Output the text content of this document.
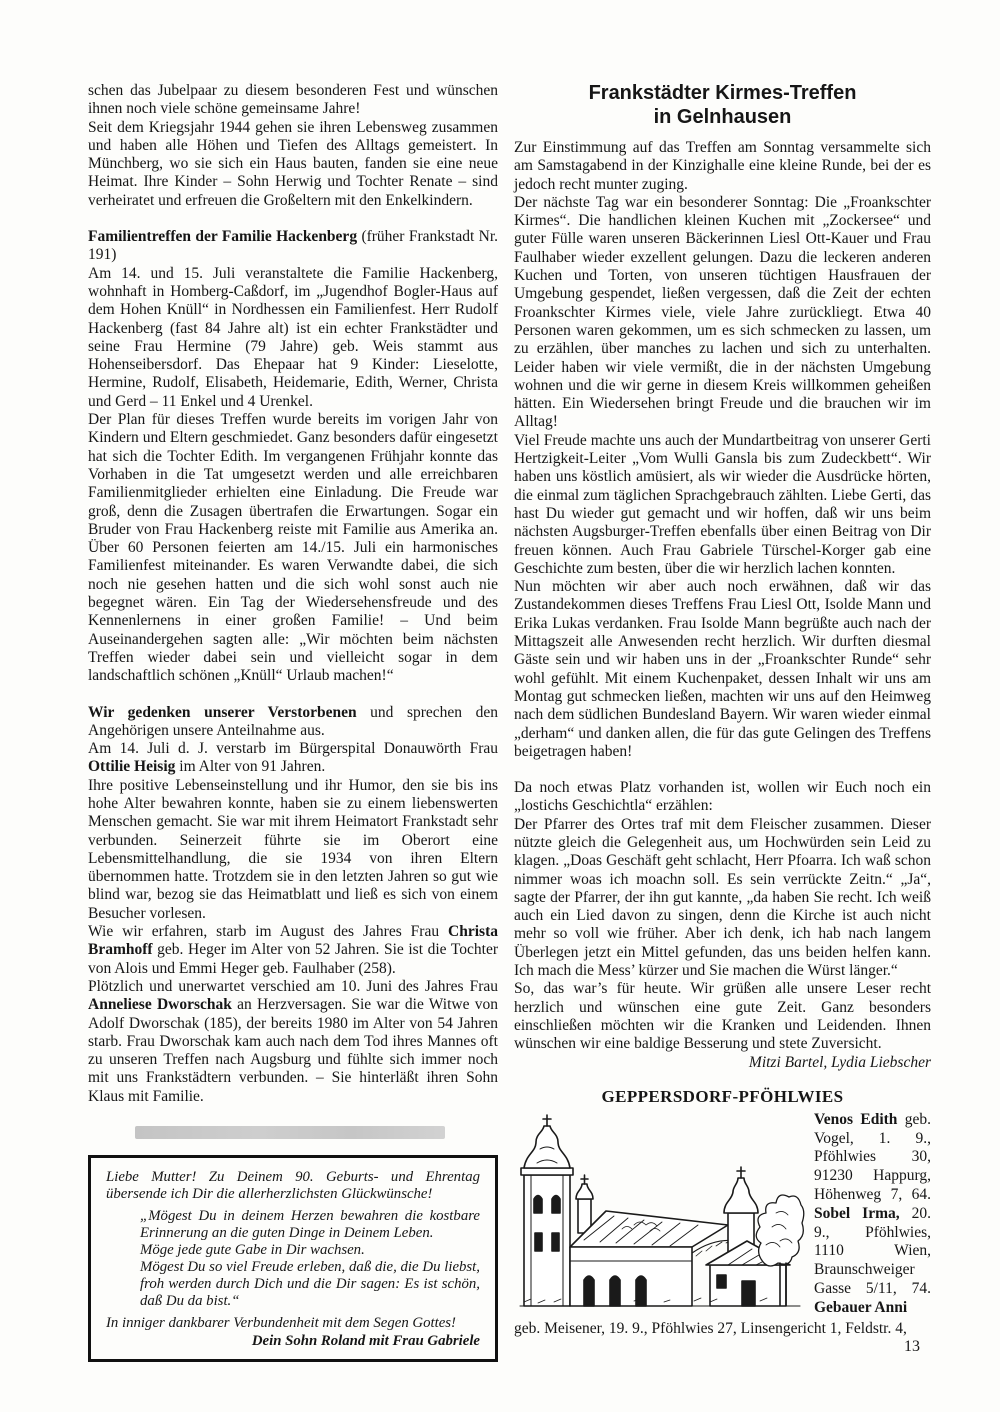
schen das Jubelpaar zu diesem besonderen Fest und wünschen ihnen noch viele schöne gemeinsame Jahre!

Seit dem Kriegsjahr 1944 gehen sie ihren Lebensweg zusammen und haben alle Höhen und Tiefen des Alltags gemeistert. In Münchberg, wo sie sich ein Haus bauten, fanden sie eine neue Heimat. Ihre Kinder – Sohn Herwig und Tochter Renate – sind verheiratet und erfreuen die Großeltern mit den Enkelkindern.

Familientreffen der Familie Hackenberg (früher Frankstadt Nr. 191)

Am 14. und 15. Juli veranstaltete die Familie Hackenberg, wohnhaft in Homberg-Caßdorf, im „Jugendhof Bogler-Haus auf dem Hohen Knüll“ in Nordhessen ein Familienfest. Herr Rudolf Hackenberg (fast 84 Jahre alt) ist ein echter Frankstädter und seine Frau Hermine (79 Jahre) geb. Weis stammt aus Hohenseibersdorf. Das Ehepaar hat 9 Kinder: Lieselotte, Hermine, Rudolf, Elisabeth, Heidemarie, Edith, Werner, Christa und Gerd – 11 Enkel und 4 Urenkel.

Der Plan für dieses Treffen wurde bereits im vorigen Jahr von Kindern und Eltern geschmiedet. Ganz besonders dafür eingesetzt hat sich die Tochter Edith. Im vergangenen Frühjahr konnte das Vorhaben in die Tat umgesetzt werden und alle erreichbaren Familienmitglieder erhielten eine Einladung. Die Freude war groß, denn die Zusagen übertrafen die Erwartungen. Sogar ein Bruder von Frau Hackenberg reiste mit Familie aus Amerika an. Über 60 Personen feierten am 14./15. Juli ein harmonisches Familienfest miteinander. Es waren Verwandte dabei, die sich noch nie gesehen hatten und die sich wohl sonst auch nie begegnet wären. Ein Tag der Wiedersehensfreude und des Kennenlernens in einer großen Familie! – Und beim Auseinandergehen sagten alle: „Wir möchten beim nächsten Treffen wieder dabei sein und vielleicht sogar in dem landschaftlich schönen „Knüll“ Urlaub machen!“

Wir gedenken unserer Verstorbenen und sprechen den Angehörigen unsere Anteilnahme aus.

Am 14. Juli d. J. verstarb im Bürgerspital Donauwörth Frau Ottilie Heisig im Alter von 91 Jahren.

Ihre positive Lebenseinstellung und ihr Humor, den sie bis ins hohe Alter bewahren konnte, haben sie zu einem liebenswerten Menschen gemacht. Sie war mit ihrem Heimatort Frankstadt sehr verbunden. Seinerzeit führte sie im Oberort eine Lebensmittelhandlung, die sie 1934 von ihren Eltern übernommen hatte. Trotzdem sie in den letzten Jahren so gut wie blind war, bezog sie das Heimatblatt und ließ es sich von einem Besucher vorlesen.

Wie wir erfahren, starb im August des Jahres Frau Christa Bramhoff geb. Heger im Alter von 52 Jahren. Sie ist die Tochter von Alois und Emmi Heger geb. Faulhaber (258).

Plötzlich und unerwartet verschied am 10. Juni des Jahres Frau Anneliese Dworschak an Herzversagen. Sie war die Witwe von Adolf Dworschak (185), der bereits 1980 im Alter von 54 Jahren starb. Frau Dworschak kam auch nach dem Tod ihres Mannes oft zu unseren Treffen nach Augsburg und fühlte sich immer noch mit uns Frankstädtern verbunden. – Sie hinterläßt ihren Sohn Klaus mit Familie.

Liebe Mutter! Zu Deinem 90. Geburts- und Ehrentag übersende ich Dir die allerherzlichsten Glückwünsche!

„Mögest Du in deinem Herzen bewahren die kostbare Erinnerung an die guten Dinge in Deinem Leben.

Möge jede gute Gabe in Dir wachsen.

Mögest Du so viel Freude erleben, daß die, die Du liebst, froh werden durch Dich und die Dir sagen: Es ist schön, daß Du da bist.“

In inniger dankbarer Verbundenheit mit dem Segen Gottes!

Dein Sohn Roland mit Frau Gabriele

Frankstädter Kirmes-Treffen
in Gelnhausen

Zur Einstimmung auf das Treffen am Sonntag versammelte sich am Samstagabend in der Kinzighalle eine kleine Runde, bei der es jedoch recht munter zuging.

Der nächste Tag war ein besonderer Sonntag: Die „Froankschter Kirmes“. Die handlichen kleinen Kuchen mit „Zockersee“ und guter Fülle waren unseren Bäckerinnen Liesl Ott-Kauer und Frau Faulhaber wieder exzellent gelungen. Dazu die leckeren anderen Kuchen und Torten, von unseren tüchtigen Hausfrauen der Umgebung gespendet, ließen vergessen, daß die Zeit der echten Froankschter Kirmes viele, viele Jahre zurückliegt. Etwa 40 Personen waren gekommen, um es sich schmecken zu lassen, um zu erzählen, über manches zu lachen und sich zu unterhalten. Leider haben wir viele vermißt, die in der nächsten Umgebung wohnen und die wir gerne in diesem Kreis willkommen geheißen hätten. Ein Wiedersehen bringt Freude und die brauchen wir im Alltag!

Viel Freude machte uns auch der Mundartbeitrag von unserer Gerti Hertzigkeit-Leiter „Vom Wulli Gansla bis zum Zudeckbett“. Wir haben uns köstlich amüsiert, als wir wieder die Ausdrücke hörten, die einmal zum täglichen Sprachgebrauch zählten. Liebe Gerti, das hast Du wieder gut gemacht und wir hoffen, daß wir uns beim nächsten Augsburger-Treffen ebenfalls über einen Beitrag von Dir freuen können. Auch Frau Gabriele Türschel-Korger gab eine Geschichte zum besten, über die wir herzlich lachen konnten.

Nun möchten wir aber auch noch erwähnen, daß wir das Zustandekommen dieses Treffens Frau Liesl Ott, Isolde Mann und Erika Lukas verdanken. Frau Isolde Mann begrüßte auch nach der Mittagszeit alle Anwesenden recht herzlich. Wir durften diesmal Gäste sein und wir haben uns in der „Froankschter Runde“ sehr wohl gefühlt. Mit einem Kuchenpaket, dessen Inhalt wir uns am Montag gut schmecken ließen, machten wir uns auf den Heimweg nach dem südlichen Bundesland Bayern. Wir waren wieder einmal „derham“ und danken allen, die für das gute Gelingen des Treffens beigetragen haben!

Da noch etwas Platz vorhanden ist, wollen wir Euch noch ein „lostichs Geschichtla“ erzählen:

Der Pfarrer des Ortes traf mit dem Fleischer zusammen. Dieser nützte gleich die Gelegenheit aus, um Hochwürden sein Leid zu klagen. „Doas Geschäft geht schlacht, Herr Pfoarra. Ich waß schon nimmer woas ich moachn soll. Es sein verrückte Zeitn.“ „Ja“, sagte der Pfarrer, der ihn gut kannte, „da haben Sie recht. Ich weiß auch ein Lied davon zu singen, denn die Kirche ist auch nicht mehr so voll wie früher. Aber ich denk, ich hab nach langem Überlegen jetzt ein Mittel gefunden, das uns beiden helfen kann. Ich mach die Mess’ kürzer und Sie machen die Würst länger.“

So, das war’s für heute. Wir grüßen alle unsere Leser recht herzlich und wünschen eine gute Zeit. Ganz besonders einschließen möchten wir die Kranken und Leidenden. Ihnen wünschen wir eine baldige Besserung und stete Zuversicht.

Mitzi Bartel, Lydia Liebscher

GEPPERSDORF-PFÖHLWIES

Venos Edith geb. Vogel, 1. 9., Pföhlwies 30, 91230 Happurg, Höhenweg 7, 64. Sobel Irma, 20. 9., Pföhlwies, 1110 Wien, Braunschweiger Gasse 5/11, 74. Gebauer Anni

geb. Meisener, 19. 9., Pföhlwies 27, Linsengericht 1, Feldstr. 4,

13
